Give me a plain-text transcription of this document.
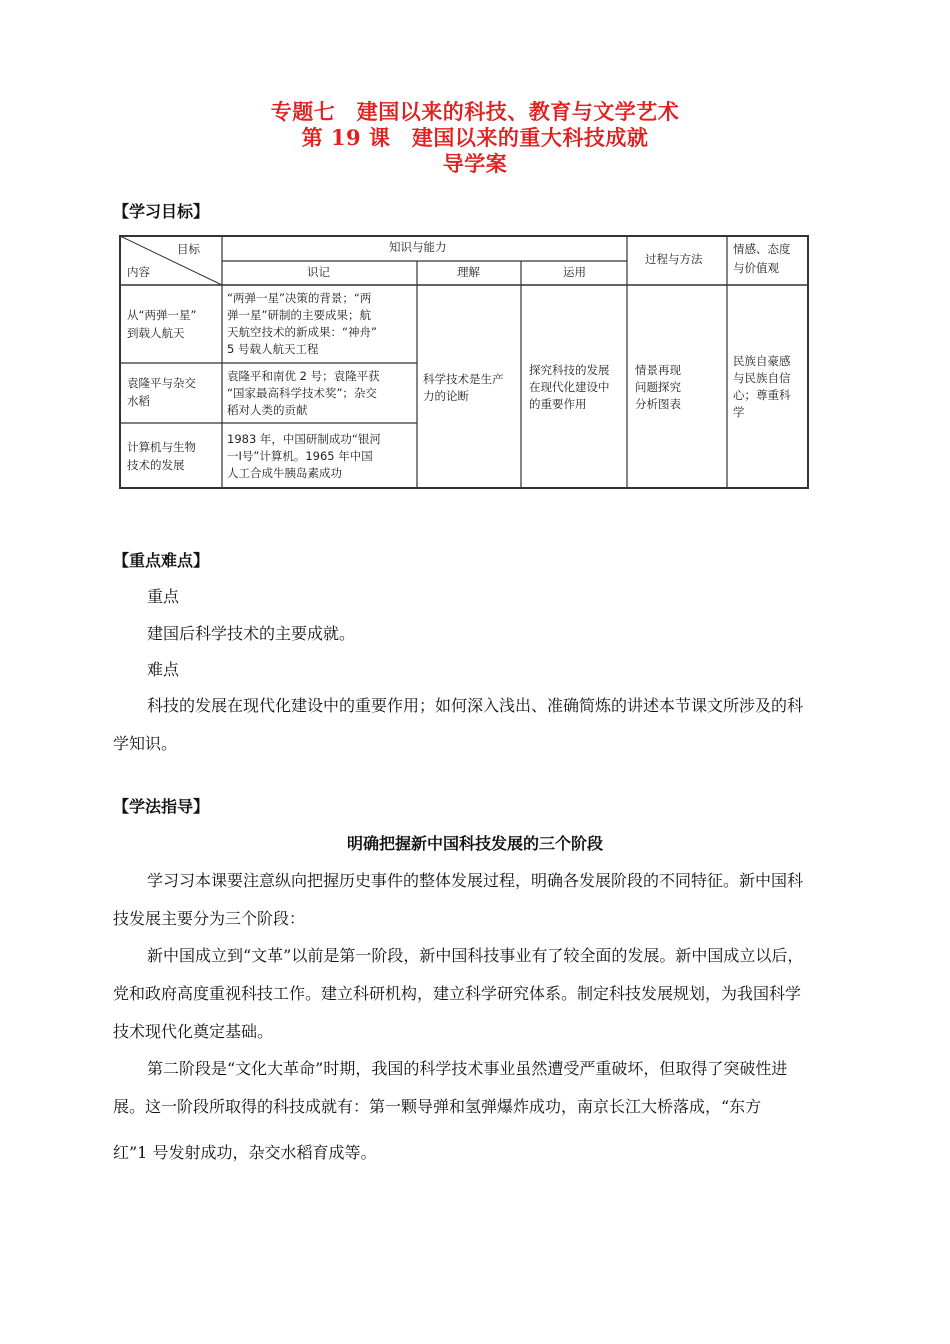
专题七　建国以来的科技、教育与文学艺术
第 19 课　建国以来的重大科技成就
导学案
【学习目标】
目标
内容
知识与能力
识记	理解	运用
过程与方法
情感、态度
与价值观
从“两弹一星”
到载人航天
“两弹一星”决策的背景；“两
弹一星”研制的主要成果；航
天航空技术的新成果：“神舟”
5 号载人航天工程
袁隆平与杂交
水稻
袁隆平和南优 2 号；袁隆平获
“国家最高科学技术奖”；杂交
稻对人类的贡献
计算机与生物
技术的发展
1983 年，中国研制成功“银河
一Ⅰ号”计算机。1965 年中国
人工合成牛胰岛素成功
科学技术是生产
力的论断
探究科技的发展
在现代化建设中
的重要作用
情景再现
问题探究
分析图表
民族自豪感
与民族自信
心；尊重科
学
【重点难点】
重点
建国后科学技术的主要成就。
难点
科技的发展在现代化建设中的重要作用；如何深入浅出、准确简炼的讲述本节课文所涉及的科
学知识。
【学法指导】
明确把握新中国科技发展的三个阶段
学习习本课要注意纵向把握历史事件的整体发展过程，明确各发展阶段的不同特征。新中国科
技发展主要分为三个阶段：
新中国成立到“文革”以前是第一阶段，新中国科技事业有了较全面的发展。新中国成立以后，
党和政府高度重视科技工作。建立科研机构，建立科学研究体系。制定科技发展规划，为我国科学
技术现代化奠定基础。
第二阶段是“文化大革命”时期，我国的科学技术事业虽然遭受严重破坏，但取得了突破性进
展。这一阶段所取得的科技成就有：第一颗导弹和氢弹爆炸成功，南京长江大桥落成，“东方
红”1 号发射成功，杂交水稻育成等。
